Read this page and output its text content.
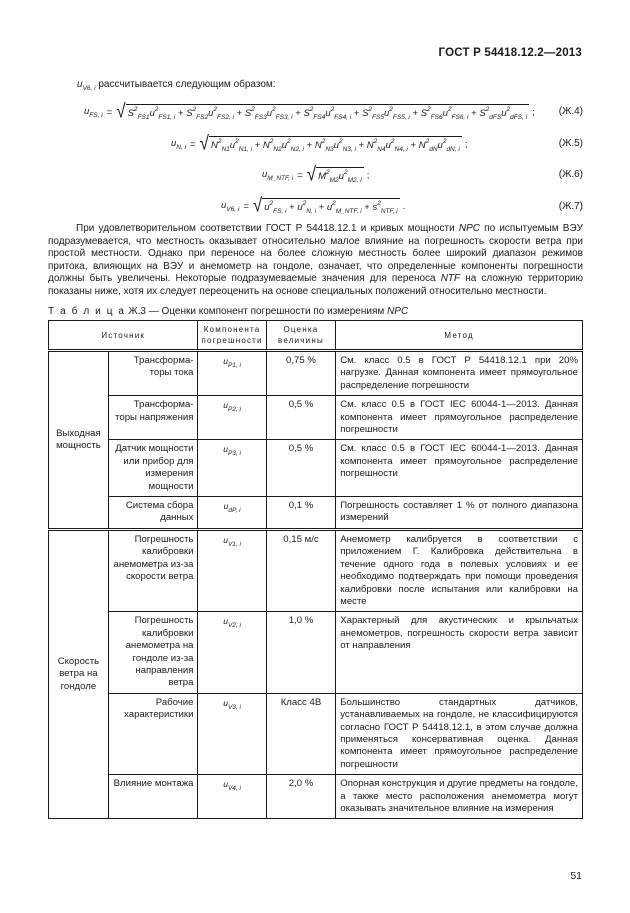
ГОСТ Р 54418.12.2—2013
$u_{V6, i}$ рассчитывается следующим образом:
$u_{FS, i}$ = √ $S^2_{FS1}u^2_{FS1, i} + S^2_{FS2}u^2_{FS2, i} + S^2_{FS3}u^2_{FS3, i} + S^2_{FS4}u^2_{FS4, i} + S^2_{FS5}u^2_{FS5, i} + S^2_{FS6}u^2_{FS6, i} + S^2_{dFS}u^2_{dFS, i}$ ; (Ж.4)
$u_{N, i}$ = √ $N^2_{N1}u^2_{N1, i} + N^2_{N2}u^2_{N2, i} + N^2_{N3}u^2_{N3, i} + N^2_{N4}u^2_{N4, i} + N^2_{dN}u^2_{dN, i}$ ;	(Ж.5)
$u_{M\_NTF, i}$ = √ $M^2_{M2}u^2_{M2, i}$ ;	(Ж.6)
$u_{V6, i}$ = √ $u^2_{FS, i} + u^2_{N, i} + u^2_{M\_NTF, i} + s^2_{NTF, i}$ .	(Ж.7)

При удовлетворительном соответствии ГОСТ Р 54418.12.1 и кривых мощности NPC по испытуемым ВЭУ подразумевается, что местность оказывает относительно малое влияние на погрешность скорости ветра при простой местности. Однако при переносе на более сложную местность более широкий диапазон режимов притока, влияющих на ВЭУ и анемометр на гондоле, означает, что определенные компоненты погрешности должны быть увеличены. Некоторые подразумеваемые значения для переноса NTF на сложную территорию показаны ниже, хотя их следует переоценить на основе специальных положений относительно местности.

Т а б л и ц а Ж.3 — Оценки компонент погрешности по измерениям NPC
Источник		Компонента погрешности	Оценка величины	Метод
Выходная мощность	Трансформа-торы тока	$u_{P1, i}$	0,75 %	См. класс 0.5 в ГОСТ Р 54418.12.1 при 20% нагрузке. Данная компонента имеет прямоугольное распределение погрешности
	Трансформа-торы напряжения	$u_{P2, i}$	0,5 %	См. класс 0.5 в ГОСТ IEC 60044-1—2013. Данная компонента имеет прямоугольное распределение погрешности
	Датчик мощности или прибор для измерения мощности	$u_{P3, i}$	0,5 %	См. класс 0.5 в ГОСТ IEC 60044-1—2013. Данная компонента имеет прямоугольное распределение погрешности
	Система сбора данных	$u_{dP, i}$	0,1 %	Погрешность составляет 1 % от полного диапазона измерений
Скорость ветра на гондоле	Погрешность калибровки анемометра из-за скорости ветра	$u_{V1, i}$	0,15 м/с	Анемометр калибруется в соответствии с приложением Г. Калибровка действительна в течение одного года в полевых условиях и ее необходимо подтверждать при помощи проведения калибровки после испытания или калибровки на месте
	Погрешность калибровки анемометра на гондоле из-за направления ветра	$u_{V2, i}$	1,0 %	Характерный для акустических и крыльчатых анемометров, погрешность скорости ветра зависит от направления
	Рабочие характеристики	$u_{V3, i}$	Класс 4В	Большинство стандартных датчиков, устанавливаемых на гондоле, не классифицируются согласно ГОСТ Р 54418.12.1, в этом случае должна применяться консервативная оценка. Данная компонента имеет прямоугольное распределение погрешности
	Влияние монтажа	$u_{V4, i}$	2,0 %	Опорная конструкция и другие предметы на гондоле, а также место расположения анемометра могут оказывать значительное влияние на измерения
51
